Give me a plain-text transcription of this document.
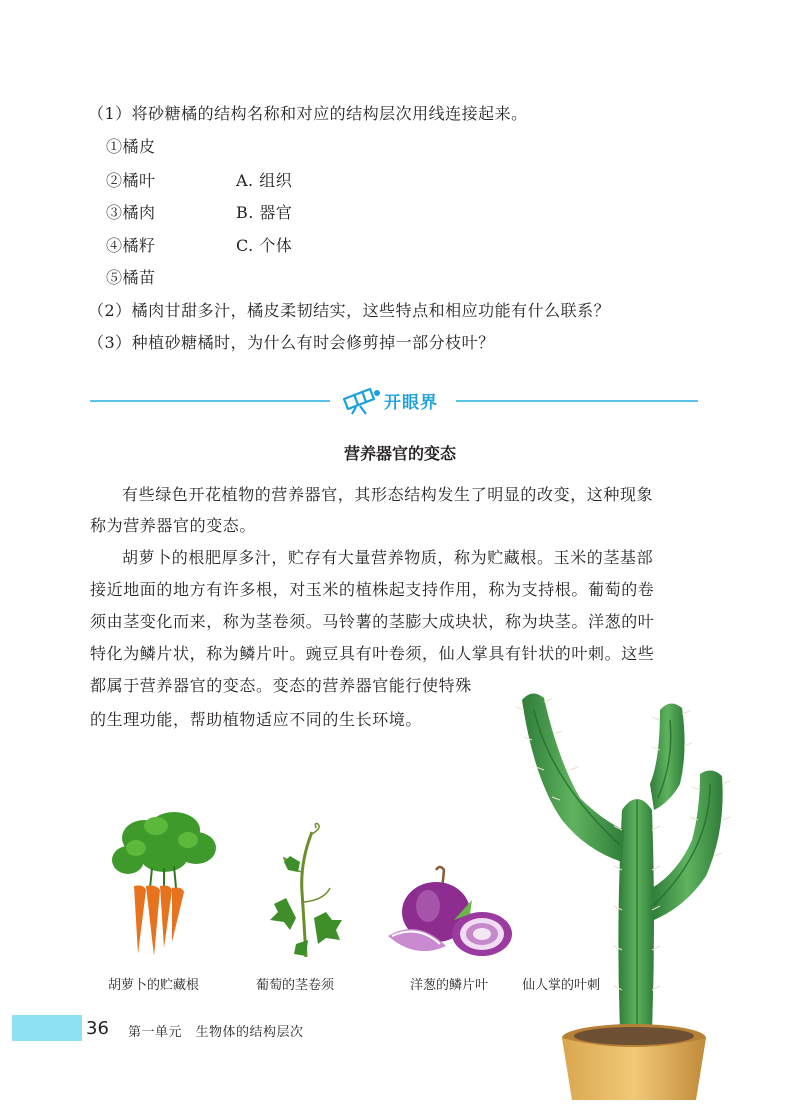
（1）将砂糖橘的结构名称和对应的结构层次用线连接起来。
①橘皮
②橘叶
③橘肉
④橘籽
⑤橘苗
A. 组织
B. 器官
C. 个体
（2）橘肉甘甜多汁，橘皮柔韧结实，这些特点和相应功能有什么联系？
（3）种植砂糖橘时，为什么有时会修剪掉一部分枝叶？
开眼界
营养器官的变态
有些绿色开花植物的营养器官，其形态结构发生了明显的改变，这种现象
称为营养器官的变态。
胡萝卜的根肥厚多汁，贮存有大量营养物质，称为贮藏根。玉米的茎基部
接近地面的地方有许多根，对玉米的植株起支持作用，称为支持根。葡萄的卷
须由茎变化而来，称为茎卷须。马铃薯的茎膨大成块状，称为块茎。洋葱的叶
特化为鳞片状，称为鳞片叶。豌豆具有叶卷须，仙人掌具有针状的叶刺。这些
都属于营养器官的变态。变态的营养器官能行使特殊
的生理功能，帮助植物适应不同的生长环境。
胡萝卜的贮藏根	葡萄的茎卷须	洋葱的鳞片叶	仙人掌的叶刺
36 第一单元　生物体的结构层次
